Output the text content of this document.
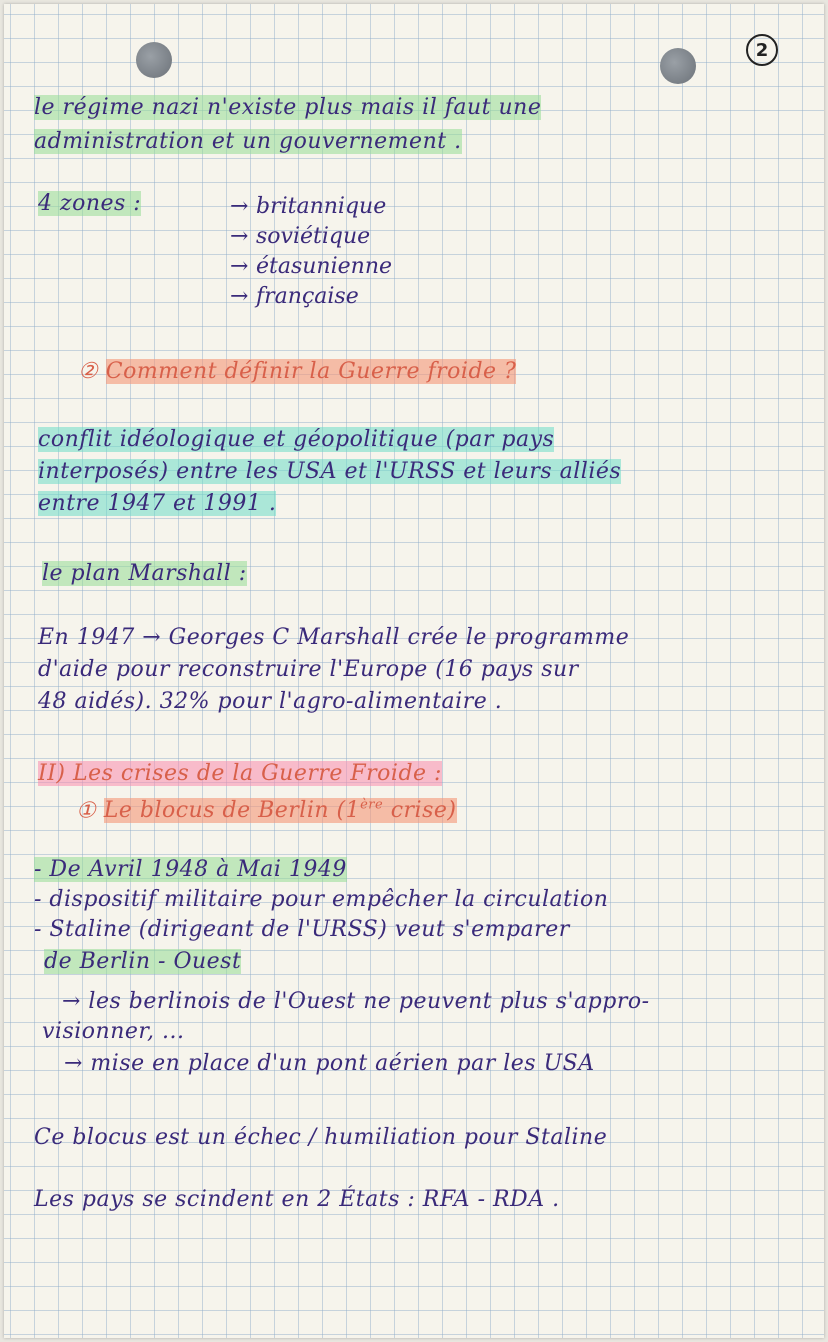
2
le régime nazi n'existe plus mais il faut une
administration et un gouvernement .
4 zones :	→ britannique
→ soviétique
→ étasunienne
→ française
② Comment définir la Guerre froide ?
conflit idéologique et géopolitique (par pays
interposés) entre les USA et l'URSS et leurs alliés
entre 1947 et 1991 .
le plan Marshall :
En 1947 → Georges C Marshall crée le programme
d'aide pour reconstruire l'Europe (16 pays sur
48 aidés). 32% pour l'agro-alimentaire .
II) Les crises de la Guerre Froide :
① Le blocus de Berlin (1ère crise)
- De Avril 1948 à Mai 1949
- dispositif militaire pour empêcher la circulation
- Staline (dirigeant de l'URSS) veut s'emparer
de Berlin - Ouest
→ les berlinois de l'Ouest ne peuvent plus s'appro-
visionner, ...
→ mise en place d'un pont aérien par les USA
Ce blocus est un échec / humiliation pour Staline
Les pays se scindent en 2 États : RFA - RDA .
